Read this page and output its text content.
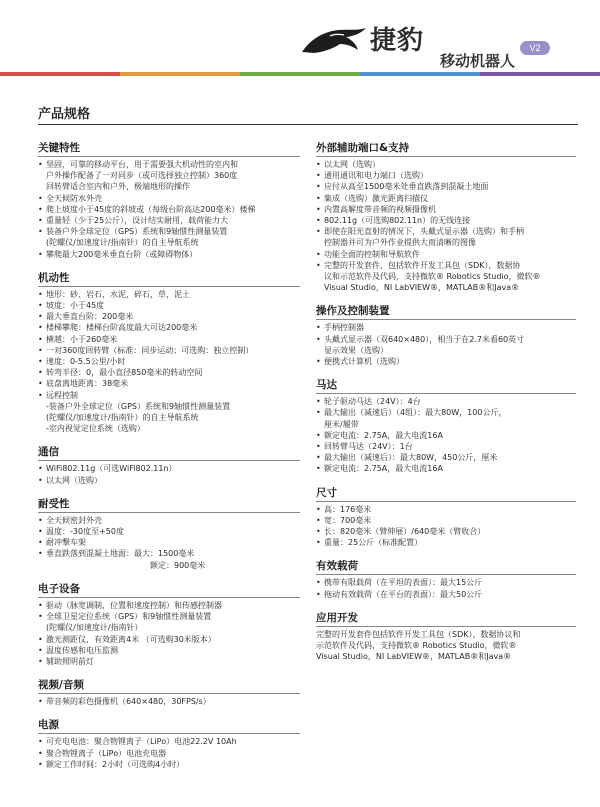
捷豹
移动机器人
V2
产品规格
关键特性
• 坚固，可靠的移动平台，用于需要强大机动性的室内和
户外操作配备了一对同步（或可选择独立控制）360度
回转臂适合室内和户外，极端地形的操作
• 全天候防水外壳
• 爬上坡度小于45度的斜坡或（每级台阶高达200毫米）楼梯
• 重量轻（少于25公斤），设计结实耐用，载荷能力大
• 装备户外全球定位（GPS）系统和9轴惯性测量装置
(陀螺仪/加速度计/指南针）的自主导航系统
• 攀爬最大200毫米垂直台阶（或障碍物体）
机动性
• 地形：砂、岩石，水泥，碎石，草，泥土
• 坡度：小于45度
• 最大垂直台阶：200毫米
• 楼梯攀爬：楼梯台阶高度最大可达200毫米
• 横越：小于260毫米
• 一对360度回转臂（标准：同步运动；可选购：独立控制）
• 速度：0-5.5公里/小时
• 转弯半径：0，最小直径850毫米的转动空间
• 底盘离地距离：38毫米
• 远程控制
-装备户外全球定位（GPS）系统和9轴惯性测量装置
(陀螺仪/加速度计/指南针）的自主导航系统
-室内视觉定位系统（选购）
通信
• WiFi802.11g（可选WiFi802.11n）
• 以太网（选购）
耐受性
• 全天候密封外壳
• 温度：-30度至+50度
• 耐冲撃车架
• 垂直跌落到混凝土地面：最大：1500毫米
额定：900毫米
电子设备
• 驱动（脉宽调制，位置和速度控制）和传感控制器
• 全球卫星定位系统（GPS）和9轴惯性测量装置
(陀螺仪/加速度计/指南针）
• 激光测距仪，有效距离4米 （可选购30米版本）
• 温度传感和电压监测
• 辅助照明前灯
视频/音频
• 带音频的彩色摄像机（640×480，30FPS/s）
电源
• 可充电电池：聚合物锂离子（LiPo）电池22.2V 10Ah
• 聚合物锂离子（LiPo）电池充电器
• 额定工作时间：2小时（可选购4小时）
外部辅助端口&支持
• 以太网（选购）
• 通用通讯和电力端口（选购）
• 应付从高至1500毫米处垂直跌落到混凝土地面
• 集成（选购）激光距离扫描仪
• 内置高解度带音频的视频摄像机
• 802.11g（可选购802.11n）的无线连接
• 即使在阳光直射的情况下，头戴式显示器（选购）和手柄
控制器并可为户外作业提供大而清晰的图像
• 功能全面的控制和导航软件
• 完整的开发套件，包括软件开发工具包（SDK），数据协
议和示范软件及代码，支持微软® Robotics Studio，微软®
Visual Studio，NI LabVIEW®，MATLAB®和Java®
操作及控制装置
• 手柄控制器
• 头戴式显示器（双640×480），相当于在2.7米看60英寸
显示效果（选购）
• 便携式计算机（选购）
马达
• 轮子驱动马达（24V）：4台
• 最大输出（减速后）（4组）：最大80W，100公斤，
厘米/履带
• 额定电流：2.75A，最大电流16A
• 回转臂马达（24V）：1台
• 最大输出（减速后）：最大80W，450公斤，厘米
• 额定电流：2.75A，最大电流16A
尺寸
• 高：176毫米
• 宽：700毫米
• 长：820毫米（臂伸展）/640毫米（臂收合）
• 重量：25公斤（标准配置）
有效载荷
• 携带有限载荷（在平坦的表面）：最大15公斤
• 拖动有效载荷（在平台的表面）：最大50公斤
应用开发
完整的开发套件包括软件开发工具包（SDK），数据协议和
示范软件及代码，支持微软® Robotics Studio，微软®
Visual Studio，NI LabVIEW®，MATLAB®和Java®
